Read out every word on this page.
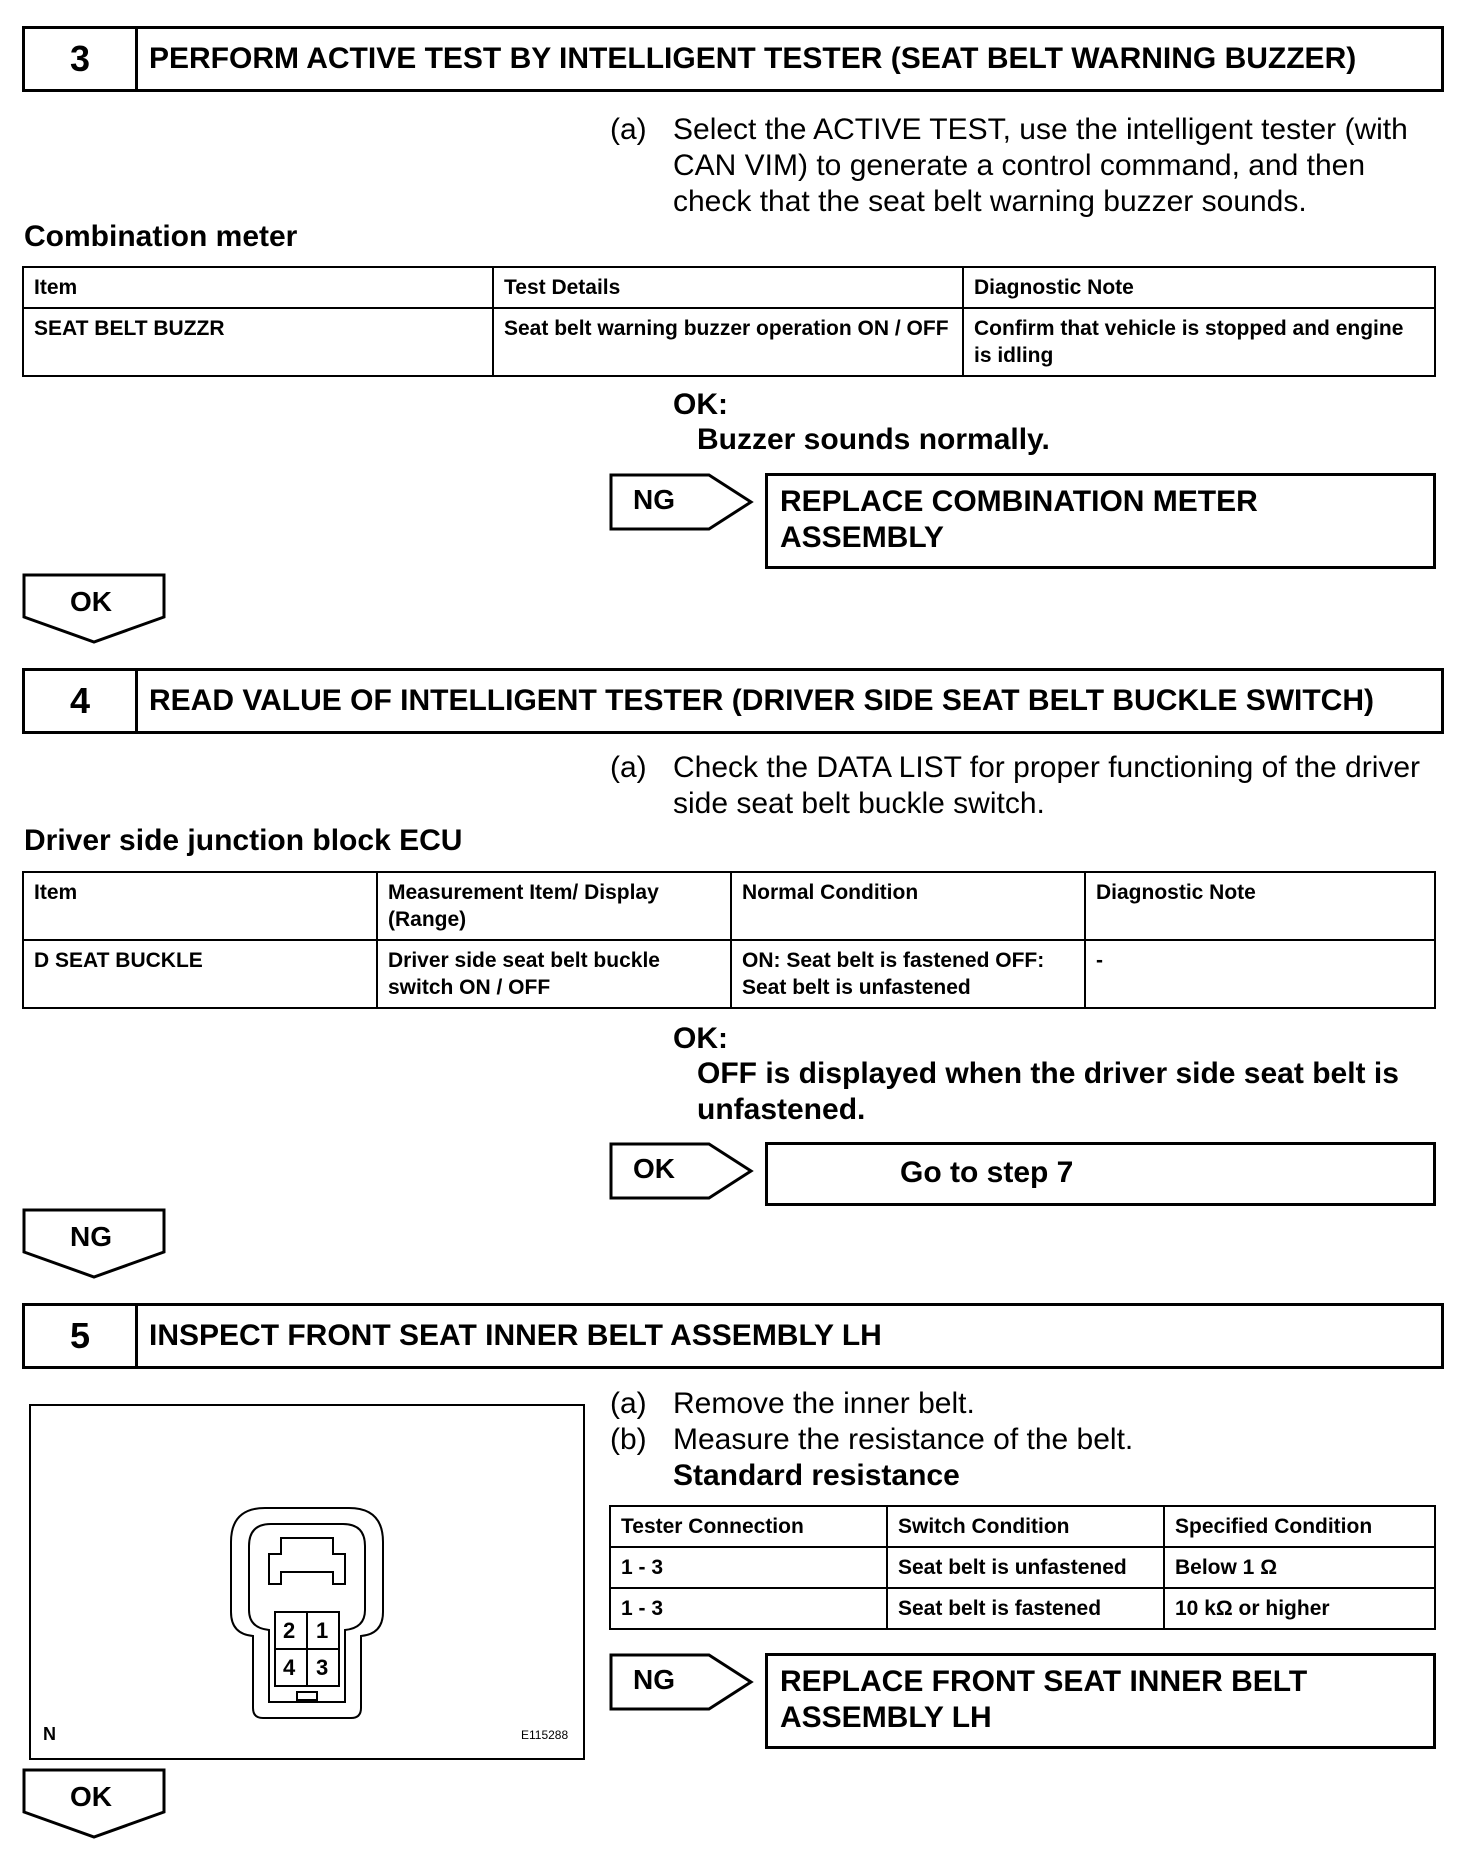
3	PERFORM ACTIVE TEST BY INTELLIGENT TESTER (SEAT BELT WARNING BUZZER)
(a) Select the ACTIVE TEST, use the intelligent tester (with
CAN VIM) to generate a control command, and then
check that the seat belt warning buzzer sounds.
Combination meter
Item	Test Details	Diagnostic Note
SEAT BELT BUZZR	Seat belt warning buzzer operation ON / OFF	Confirm that vehicle is stopped and engine is idling
OK:
Buzzer sounds normally.
NG	REPLACE COMBINATION METER
ASSEMBLY
OK
4	READ VALUE OF INTELLIGENT TESTER (DRIVER SIDE SEAT BELT BUCKLE SWITCH)
(a) Check the DATA LIST for proper functioning of the driver
side seat belt buckle switch.
Driver side junction block ECU
Item	Measurement Item/ Display (Range)	Normal Condition	Diagnostic Note
D SEAT BUCKLE	Driver side seat belt buckle switch ON / OFF	ON: Seat belt is fastened OFF: Seat belt is unfastened	-
OK:
OFF is displayed when the driver side seat belt is
unfastened.
OK	Go to step 7
NG
5	INSPECT FRONT SEAT INNER BELT ASSEMBLY LH
2 1
4 3
N	E115288
(a) Remove the inner belt.
(b) Measure the resistance of the belt.
Standard resistance
Tester Connection	Switch Condition	Specified Condition
1 - 3	Seat belt is unfastened	Below 1 Ω
1 - 3	Seat belt is fastened	10 kΩ or higher
NG	REPLACE FRONT SEAT INNER BELT
ASSEMBLY LH
OK
